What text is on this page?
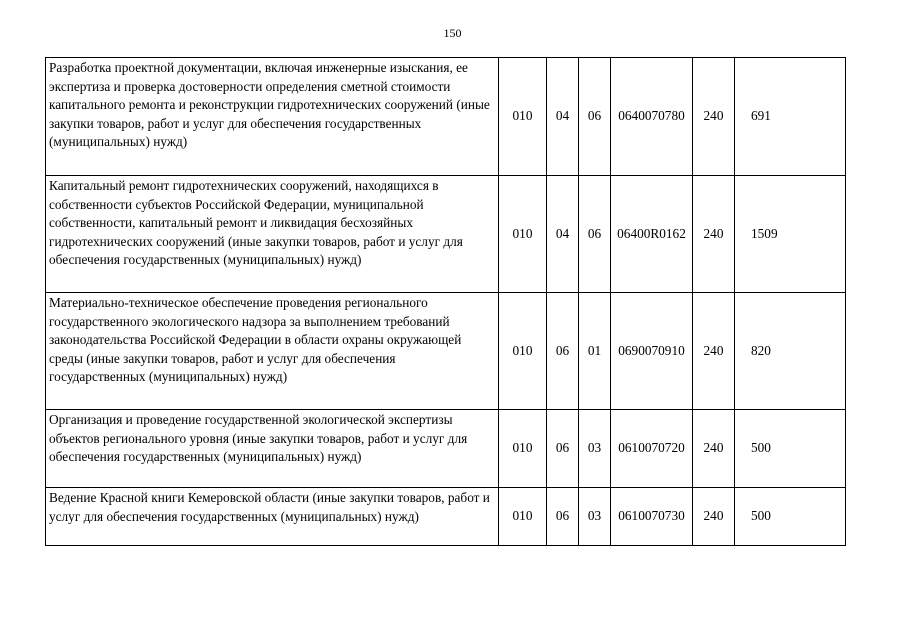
150
Разработка проектной документации, включая инженерные изыскания, ее экспертиза и проверка достоверности определения сметной стоимости капитального ремонта и реконструкции гидротехнических сооружений (иные закупки товаров, работ и услуг для обеспечения государственных (муниципальных) нужд)	010	04	06	0640070780	240	691
Капитальный ремонт гидротехнических сооружений, находящихся в собственности субъектов Российской Федерации, муниципальной собственности, капитальный ремонт и ликвидация бесхозяйных гидротехнических сооружений (иные закупки товаров, работ и услуг для обеспечения государственных (муниципальных) нужд)	010	04	06	06400R0162	240	1509
Материально-техническое обеспечение проведения регионального государственного экологического надзора за выполнением требований законодательства Российской Федерации в области охраны окружающей среды (иные закупки товаров, работ и услуг для обеспечения государственных (муниципальных) нужд)	010	06	01	0690070910	240	820
Организация и проведение государственной экологической экспертизы объектов регионального уровня (иные закупки товаров, работ и услуг для обеспечения государственных (муниципальных) нужд)	010	06	03	0610070720	240	500
Ведение Красной книги Кемеровской области (иные закупки товаров, работ и услуг для обеспечения государственных (муниципальных) нужд)	010	06	03	0610070730	240	500
